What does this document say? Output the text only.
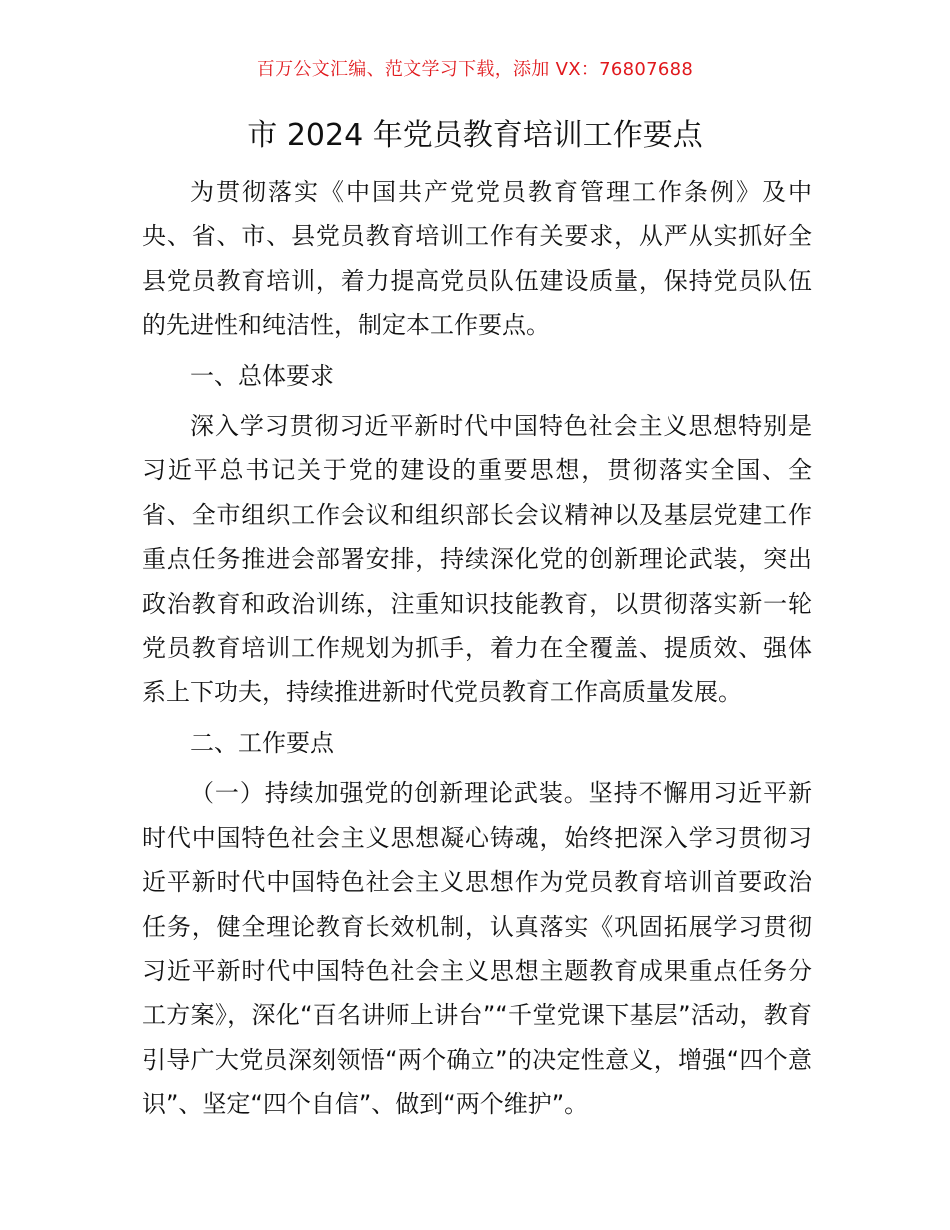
百万公文汇编、范文学习下载，添加 VX：76807688
市 2024 年党员教育培训工作要点

为贯彻落实《中国共产党党员教育管理工作条例》及中央、省、市、县党员教育培训工作有关要求，从严从实抓好全县党员教育培训，着力提高党员队伍建设质量，保持党员队伍的先进性和纯洁性，制定本工作要点。

一、总体要求

深入学习贯彻习近平新时代中国特色社会主义思想特别是习近平总书记关于党的建设的重要思想，贯彻落实全国、全省、全市组织工作会议和组织部长会议精神以及基层党建工作重点任务推进会部署安排，持续深化党的创新理论武装，突出政治教育和政治训练，注重知识技能教育，以贯彻落实新一轮党员教育培训工作规划为抓手，着力在全覆盖、提质效、强体系上下功夫，持续推进新时代党员教育工作高质量发展。

二、工作要点

（一）持续加强党的创新理论武装。坚持不懈用习近平新时代中国特色社会主义思想凝心铸魂，始终把深入学习贯彻习近平新时代中国特色社会主义思想作为党员教育培训首要政治任务，健全理论教育长效机制，认真落实《巩固拓展学习贯彻习近平新时代中国特色社会主义思想主题教育成果重点任务分工方案》，深化“百名讲师上讲台”“千堂党课下基层”活动，教育引导广大党员深刻领悟“两个确立”的决定性意义，增强“四个意识”、坚定“四个自信”、做到“两个维护”。
